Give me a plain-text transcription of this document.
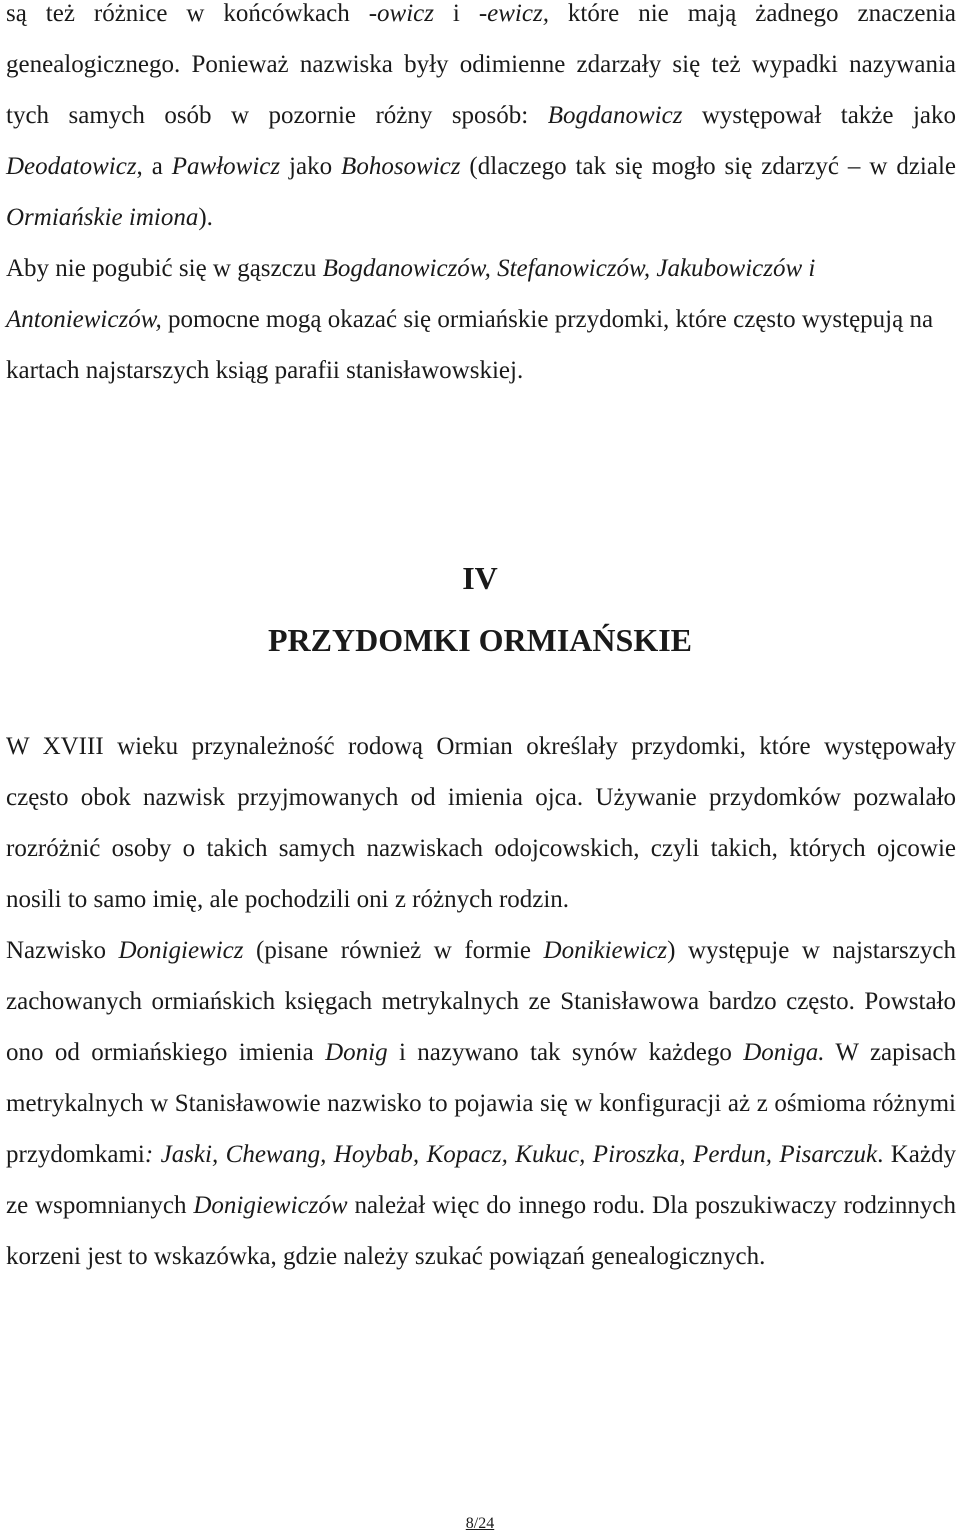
są też różnice w końcówkach -owicz i -ewicz, które nie mają żadnego znaczenia genealogicznego. Ponieważ nazwiska były odimienne zdarzały się też wypadki nazywania tych samych osób w pozornie różny sposób: Bogdanowicz występował także jako Deodatowicz, a Pawłowicz jako Bohosowicz (dlaczego tak się mogło się zdarzyć – w dziale Ormiańskie imiona).

Aby nie pogubić się w gąszczu Bogdanowiczów, Stefanowiczów, Jakubowiczów i Antoniewiczów, pomocne mogą okazać się ormiańskie przydomki, które często występują na kartach najstarszych ksiąg parafii stanisławowskiej.

IV
PRZYDOMKI ORMIAŃSKIE

W XVIII wieku przynależność rodową Ormian określały przydomki, które występowały często obok nazwisk przyjmowanych od imienia ojca. Używanie przydomków pozwalało rozróżnić osoby o takich samych nazwiskach odojcowskich, czyli takich, których ojcowie nosili to samo imię, ale pochodzili oni z różnych rodzin.

Nazwisko Donigiewicz (pisane również w formie Donikiewicz) występuje w najstarszych zachowanych ormiańskich księgach metrykalnych ze Stanisławowa bardzo często. Powstało ono od ormiańskiego imienia Donig i nazywano tak synów każdego Doniga. W zapisach metrykalnych w Stanisławowie nazwisko to pojawia się w konfiguracji aż z ośmioma różnymi przydomkami: Jaski, Chewang, Hoybab, Kopacz, Kukuc, Piroszka, Perdun, Pisarczuk. Każdy ze wspomnianych Donigiewiczów należał więc do innego rodu. Dla poszukiwaczy rodzinnych korzeni jest to wskazówka, gdzie należy szukać powiązań genealogicznych.

8/24
